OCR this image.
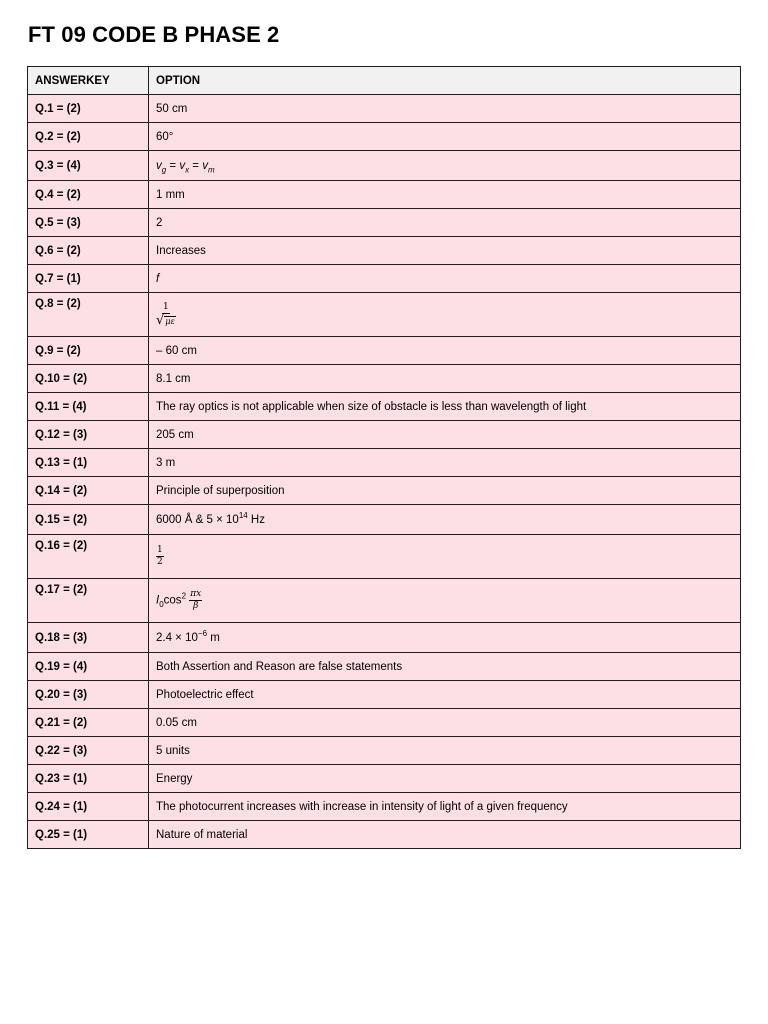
FT 09 CODE B PHASE 2
ANSWERKEY	OPTION
Q.1 = (2)	50 cm
Q.2 = (2)	60°
Q.3 = (4)	$v_g = v_x = v_m$
Q.4 = (2)	1 mm
Q.5 = (3)	2
Q.6 = (2)	Increases
Q.7 = (1)	f
Q.8 = (2)	$\frac{1}{√ \mu\varepsilon}$

Q.9 = (2)	– 60 cm
Q.10 = (2)	8.1 cm
Q.11 = (4)	The ray optics is not applicable when size of obstacle is less than wavelength of light
Q.12 = (3)	205 cm
Q.13 = (1)	3 m
Q.14 = (2)	Principle of superposition
Q.15 = (2)	6000 Å & $5 \times 10^{14}$ Hz
Q.16 = (2)	$\frac{1}{2}$

Q.17 = (2)	$I_0\cos^2 \frac{\pi x}{\beta}$

Q.18 = (3)	$2.4 \times 10^{-6}$ m
Q.19 = (4)	Both Assertion and Reason are false statements
Q.20 = (3)	Photoelectric effect
Q.21 = (2)	0.05 cm
Q.22 = (3)	5 units
Q.23 = (1)	Energy
Q.24 = (1)	The photocurrent increases with increase in intensity of light of a given frequency
Q.25 = (1)	Nature of material
